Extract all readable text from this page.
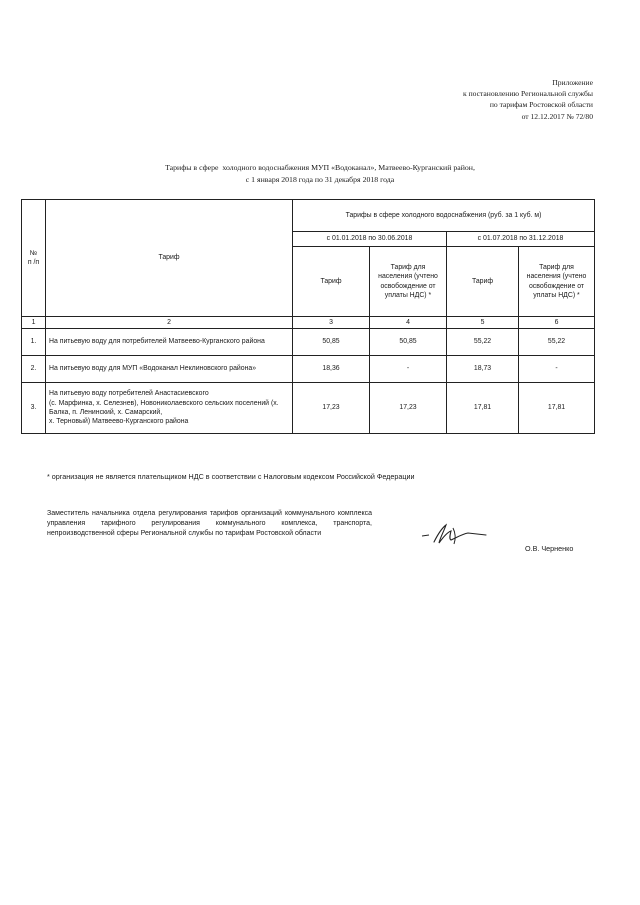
Приложение
к постановлению Региональной службы
по тарифам Ростовской области
от 12.12.2017 № 72/80
Тарифы в сфере  холодного водоснабжения МУП «Водоканал», Матвеево-Курганский район,
с 1 января 2018 года по 31 декабря 2018 года
№
п /п	Тариф	Тарифы в сфере холодного водоснабжения (руб. за 1 куб. м)			
		с 01.01.2018 по 30.06.2018		с 01.07.2018 по 31.12.2018	
		Тариф	Тариф для населения (учтено освобождение от уплаты НДС) *	Тариф	Тариф для населения (учтено освобождение от уплаты НДС) *
1	2	3	4	5	6
1.	На питьевую воду для потребителей Матвеево-Курганского района	50,85	50,85	55,22	55,22
2.	На питьевую воду для МУП «Водоканал Неклиновского района»	18,36	-	18,73	-
3.	На питьевую воду потребителей Анастасиевского
(с. Марфинка, х. Селезнев), Новониколаевского сельских поселений (х. Балка, п. Ленинский, х. Самарский,
х. Терновый) Матвеево-Курганского района	17,23	17,23	17,81	17,81
* организация не является плательщиком НДС в соответствии с Налоговым кодексом Российской Федерации
Заместитель начальника отдела регулирования тарифов организаций коммунального комплекса управления тарифного регулирования коммунального комплекса, транспорта, непроизводственной сферы Региональной службы по тарифам Ростовской области
О.В. Черненко
